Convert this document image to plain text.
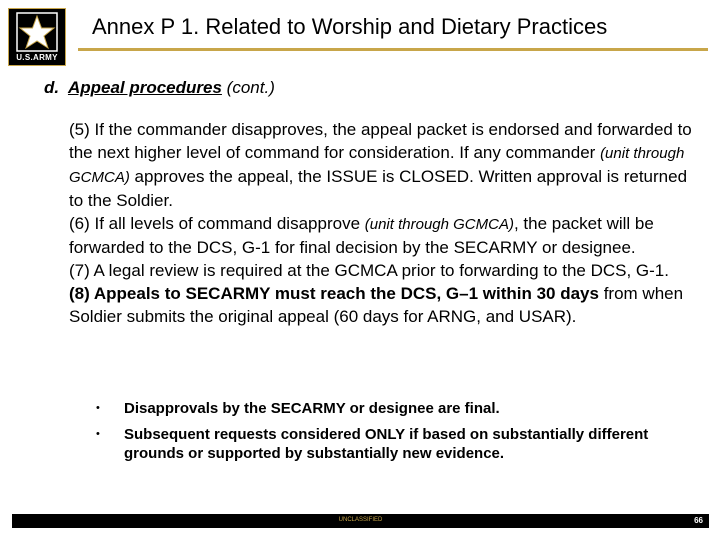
U.S.ARMY
Annex P 1. Related to Worship and Dietary Practices
d. Appeal procedures (cont.)

(5) If the commander disapproves, the appeal packet is endorsed and forwarded to the next higher level of command for consideration. If any commander (unit through GCMCA) approves the appeal, the ISSUE is CLOSED. Written approval is returned to the Soldier.

(6) If all levels of command disapprove (unit through GCMCA), the packet will be forwarded to the DCS, G-1 for final decision by the SECARMY or designee.

(7) A legal review is required at the GCMCA prior to forwarding to the DCS, G-1.

(8) Appeals to SECARMY must reach the DCS, G–1 within 30 days from when Soldier submits the original appeal (60 days for ARNG, and USAR).

• Disapprovals by the SECARMY or designee are final.
• Subsequent requests considered ONLY if based on substantially different grounds or supported by substantially new evidence.
UNCLASSIFIED	66
